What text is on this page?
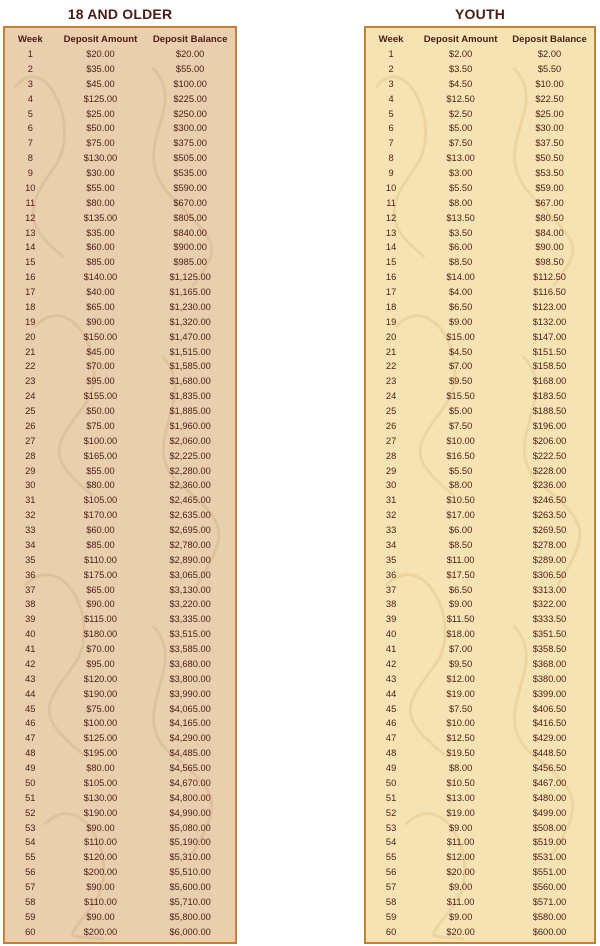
18 AND OLDER
Week	Deposit Amount	Deposit Balance
1	$20.00	$20.00
2	$35.00	$55.00
3	$45.00	$100.00
4	$125.00	$225.00
5	$25.00	$250.00
6	$50.00	$300.00
7	$75.00	$375.00
8	$130.00	$505.00
9	$30.00	$535.00
10	$55.00	$590.00
11	$80.00	$670.00
12	$135.00	$805.00
13	$35.00	$840.00
14	$60.00	$900.00
15	$85.00	$985.00
16	$140.00	$1,125.00
17	$40.00	$1,165.00
18	$65.00	$1,230.00
19	$90.00	$1,320.00
20	$150.00	$1,470.00
21	$45.00	$1,515.00
22	$70.00	$1,585.00
23	$95.00	$1,680.00
24	$155.00	$1,835.00
25	$50.00	$1,885.00
26	$75.00	$1,960.00
27	$100.00	$2,060.00
28	$165.00	$2,225.00
29	$55.00	$2,280.00
30	$80.00	$2,360.00
31	$105.00	$2,465.00
32	$170.00	$2,635.00
33	$60.00	$2,695.00
34	$85.00	$2,780.00
35	$110.00	$2,890.00
36	$175.00	$3,065.00
37	$65.00	$3,130.00
38	$90.00	$3,220.00
39	$115.00	$3,335.00
40	$180.00	$3,515.00
41	$70.00	$3,585.00
42	$95.00	$3,680.00
43	$120.00	$3,800.00
44	$190.00	$3,990.00
45	$75.00	$4,065.00
46	$100.00	$4,165.00
47	$125.00	$4,290.00
48	$195.00	$4,485.00
49	$80.00	$4,565.00
50	$105.00	$4,670.00
51	$130.00	$4,800.00
52	$190.00	$4,990.00
53	$90.00	$5,080.00
54	$110.00	$5,190.00
55	$120.00	$5,310.00
56	$200.00	$5,510.00
57	$90.00	$5,600.00
58	$110.00	$5,710.00
59	$90.00	$5,800.00
60	$200.00	$6,000.00
YOUTH
Week	Deposit Amount	Deposit Balance
1	$2.00	$2.00
2	$3.50	$5.50
3	$4.50	$10.00
4	$12.50	$22.50
5	$2.50	$25.00
6	$5.00	$30.00
7	$7.50	$37.50
8	$13.00	$50.50
9	$3.00	$53.50
10	$5.50	$59.00
11	$8.00	$67.00
12	$13.50	$80.50
13	$3.50	$84.00
14	$6.00	$90.00
15	$8.50	$98.50
16	$14.00	$112.50
17	$4.00	$116.50
18	$6.50	$123.00
19	$9.00	$132.00
20	$15.00	$147.00
21	$4.50	$151.50
22	$7.00	$158.50
23	$9.50	$168.00
24	$15.50	$183.50
25	$5.00	$188.50
26	$7.50	$196.00
27	$10.00	$206.00
28	$16.50	$222.50
29	$5.50	$228.00
30	$8.00	$236.00
31	$10.50	$246.50
32	$17.00	$263.50
33	$6.00	$269.50
34	$8.50	$278.00
35	$11.00	$289.00
36	$17.50	$306.50
37	$6.50	$313.00
38	$9.00	$322.00
39	$11.50	$333.50
40	$18.00	$351.50
41	$7.00	$358.50
42	$9.50	$368.00
43	$12.00	$380.00
44	$19.00	$399.00
45	$7.50	$406.50
46	$10.00	$416.50
47	$12.50	$429.00
48	$19.50	$448.50
49	$8.00	$456.50
50	$10.50	$467.00
51	$13.00	$480.00
52	$19.00	$499.00
53	$9.00	$508.00
54	$11.00	$519.00
55	$12.00	$531.00
56	$20.00	$551.00
57	$9.00	$560.00
58	$11.00	$571.00
59	$9.00	$580.00
60	$20.00	$600.00
